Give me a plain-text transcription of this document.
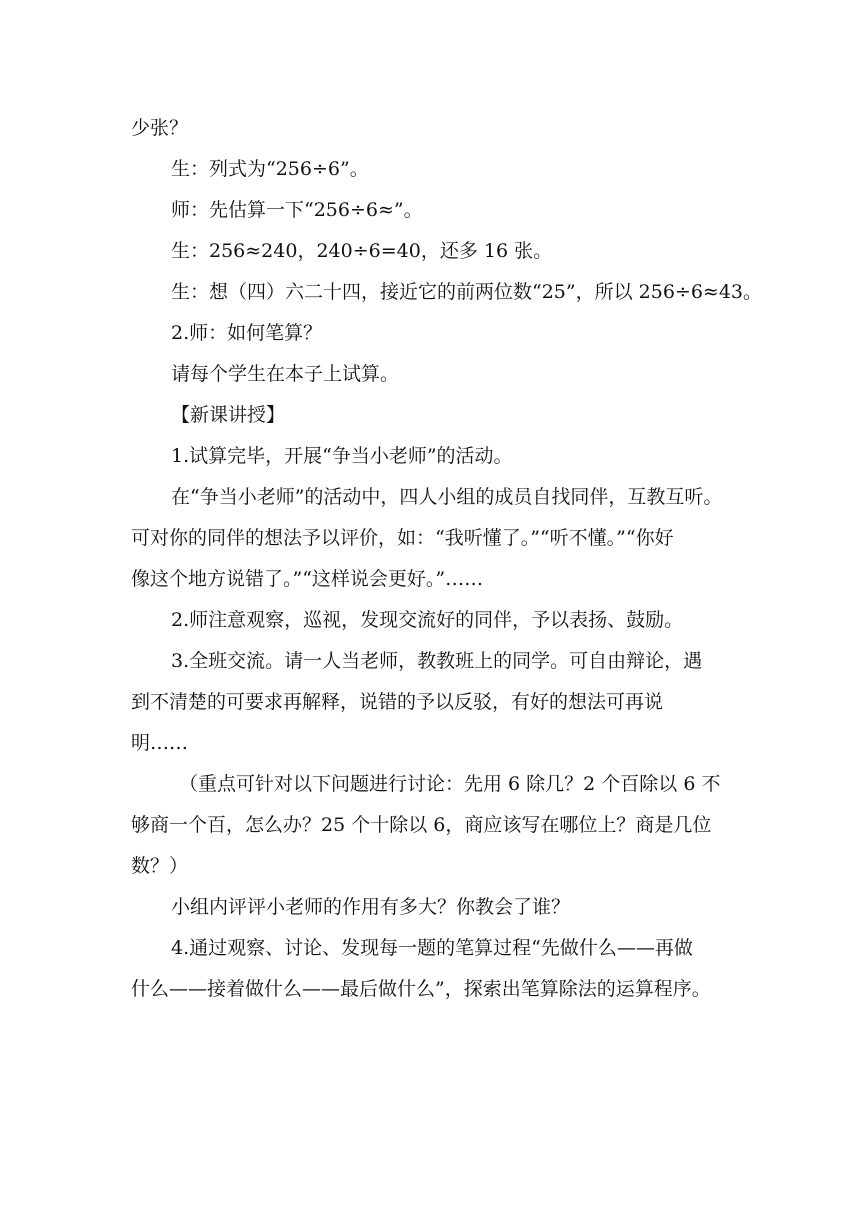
少张？

生：列式为“256÷6”。

师：先估算一下“256÷6≈”。

生：256≈240，240÷6=40，还多 16 张。

生：想（四）六二十四，接近它的前两位数“25”，所以 256÷6≈43。

2.师：如何笔算？

请每个学生在本子上试算。

【新课讲授】

1.试算完毕，开展“争当小老师”的活动。

在“争当小老师”的活动中，四人小组的成员自找同伴，互教互听。
可对你的同伴的想法予以评价，如：“我听懂了。”“听不懂。”“你好
像这个地方说错了。”“这样说会更好。”……

2.师注意观察，巡视，发现交流好的同伴，予以表扬、鼓励。

3.全班交流。请一人当老师，教教班上的同学。可自由辩论，遇
到不清楚的可要求再解释，说错的予以反驳，有好的想法可再说
明……

（重点可针对以下问题进行讨论：先用 6 除几？2 个百除以 6 不
够商一个百，怎么办？25 个十除以 6，商应该写在哪位上？商是几位
数？）

小组内评评小老师的作用有多大？你教会了谁？

4.通过观察、讨论、发现每一题的笔算过程“先做什么——再做
什么——接着做什么——最后做什么”，探索出笔算除法的运算程序。
